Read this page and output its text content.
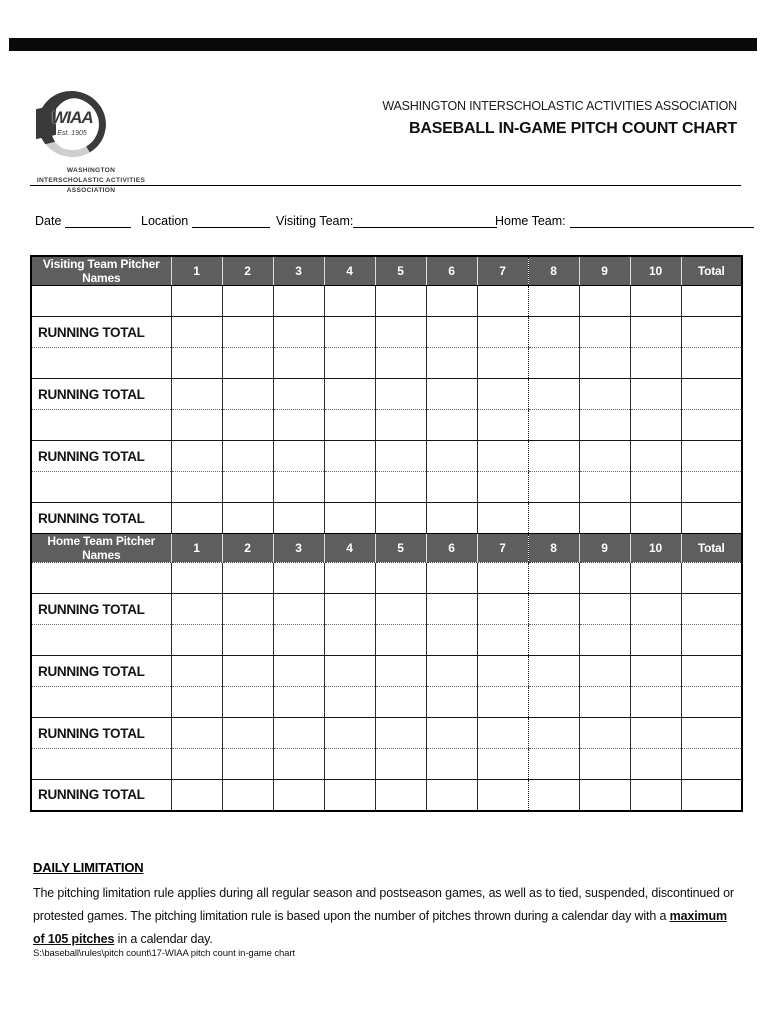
WIAA
Est. 1905
WASHINGTON INTERSCHOLASTIC ACTIVITIES ASSOCIATION
WASHINGTON INTERSCHOLASTIC ACTIVITIES ASSOCIATION
BASEBALL IN-GAME PITCH COUNT CHART
Date	Location	Visiting Team:	Home Team:
Visiting Team Pitcher Names	1	2	3	4	5	6	7	8	9	10	Total

RUNNING TOTAL											

RUNNING TOTAL											

RUNNING TOTAL											

RUNNING TOTAL											
Home Team Pitcher Names	1	2	3	4	5	6	7	8	9	10	Total

RUNNING TOTAL											

RUNNING TOTAL											

RUNNING TOTAL											

RUNNING TOTAL											
DAILY LIMITATION
The pitching limitation rule applies during all regular season and postseason games, as well as to tied, suspended, discontinued or protested games. The pitching limitation rule is based upon the number of pitches thrown during a calendar day with a maximum of 105 pitches in a calendar day.
S:\baseball\rules\pitch count\17-WIAA pitch count in-game chart
